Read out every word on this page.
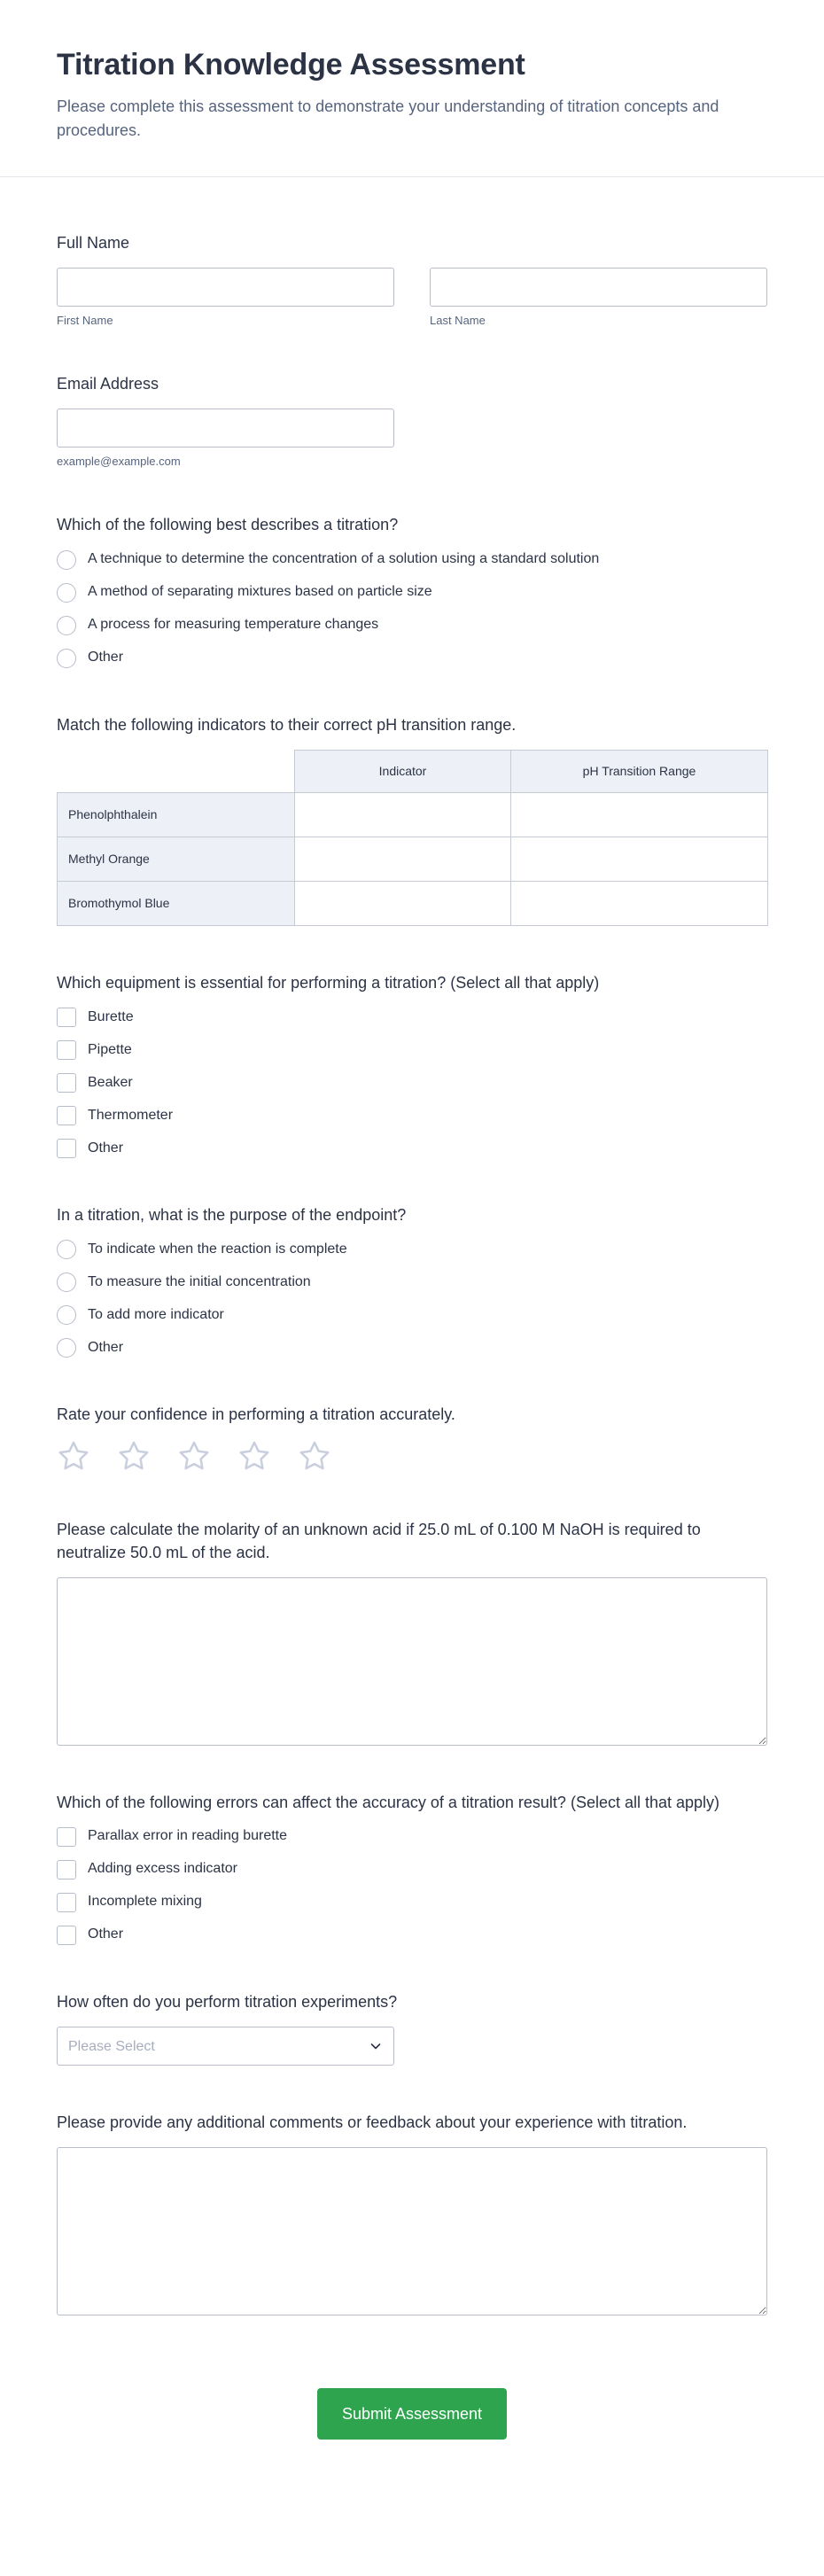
Titration Knowledge Assessment

Please complete this assessment to demonstrate your understanding of titration concepts and procedures.

Full Name
First Name	Last Name
Email Address
example@example.com
Which of the following best describes a titration?
A technique to determine the concentration of a solution using a standard solution
A method of separating mixtures based on particle size
A process for measuring temperature changes
Other
Match the following indicators to their correct pH transition range.
	Indicator	pH Transition Range
Phenolphthalein		
Methyl Orange		
Bromothymol Blue		
Which equipment is essential for performing a titration? (Select all that apply)
Burette
Pipette
Beaker
Thermometer
Other
In a titration, what is the purpose of the endpoint?
To indicate when the reaction is complete
To measure the initial concentration
To add more indicator
Other
Rate your confidence in performing a titration accurately.
Please calculate the molarity of an unknown acid if 25.0 mL of 0.100 M NaOH is required to neutralize 50.0 mL of the acid.
Which of the following errors can affect the accuracy of a titration result? (Select all that apply)
Parallax error in reading burette
Adding excess indicator
Incomplete mixing
Other
How often do you perform titration experiments?
Please Select
Please provide any additional comments or feedback about your experience with titration.
Submit Assessment
